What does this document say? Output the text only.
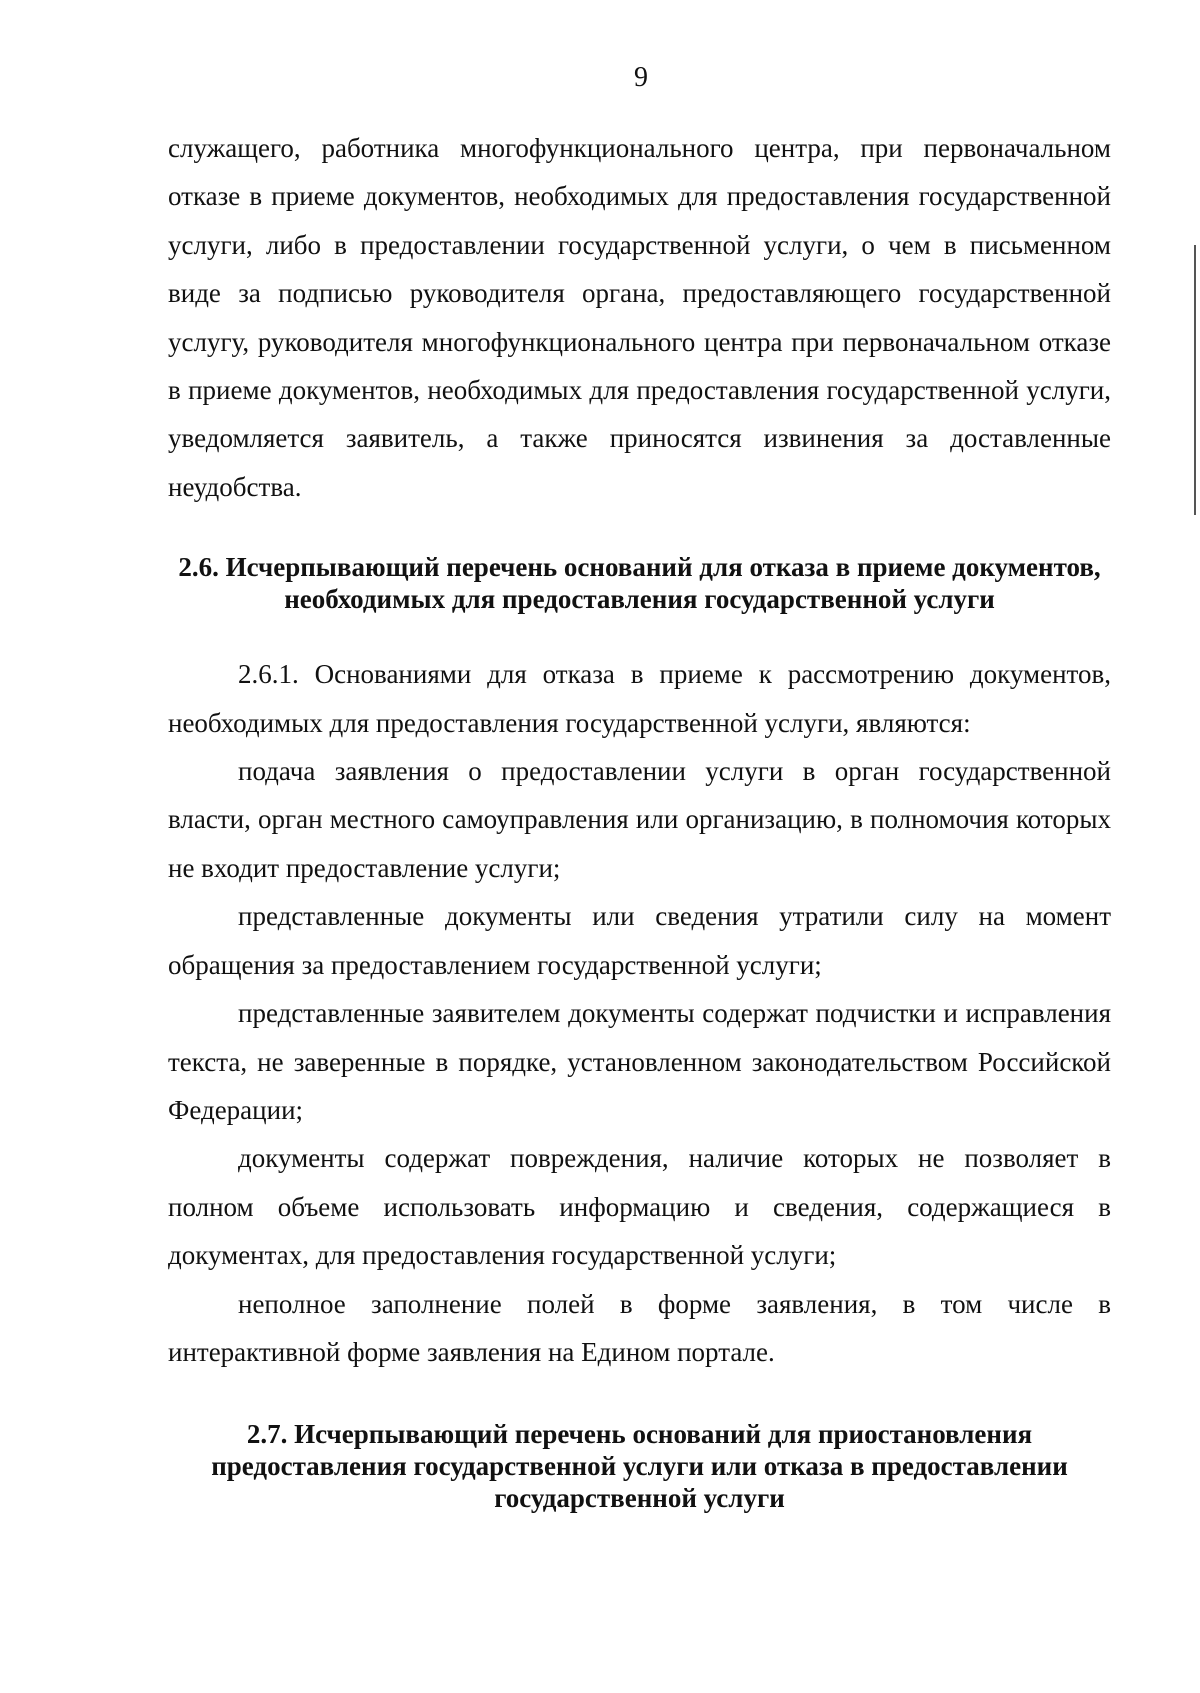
9

служащего, работника многофункционального центра, при первоначальном отказе в приеме документов, необходимых для предоставления государственной услуги, либо в предоставлении государственной услуги, о чем в письменном виде за подписью руководителя органа, предоставляющего государственной услугу, руководителя многофункционального центра при первоначальном отказе в приеме документов, необходимых для предоставления государственной услуги, уведомляется заявитель, а также приносятся извинения за доставленные неудобства.

2.6. Исчерпывающий перечень оснований для отказа в приеме документов, необходимых для предоставления государственной услуги

2.6.1. Основаниями для отказа в приеме к рассмотрению документов, необходимых для предоставления государственной услуги, являются:

подача заявления о предоставлении услуги в орган государственной власти, орган местного самоуправления или организацию, в полномочия которых не входит предоставление услуги;

представленные документы или сведения утратили силу на момент обращения за предоставлением государственной услуги;

представленные заявителем документы содержат подчистки и исправления текста, не заверенные в порядке, установленном законодательством Российской Федерации;

документы содержат повреждения, наличие которых не позволяет в полном объеме использовать информацию и сведения, содержащиеся в документах, для предоставления государственной услуги;

неполное заполнение полей в форме заявления, в том числе в интерактивной форме заявления на Едином портале.

2.7. Исчерпывающий перечень оснований для приостановления предоставления государственной услуги или отказа в предоставлении государственной услуги
